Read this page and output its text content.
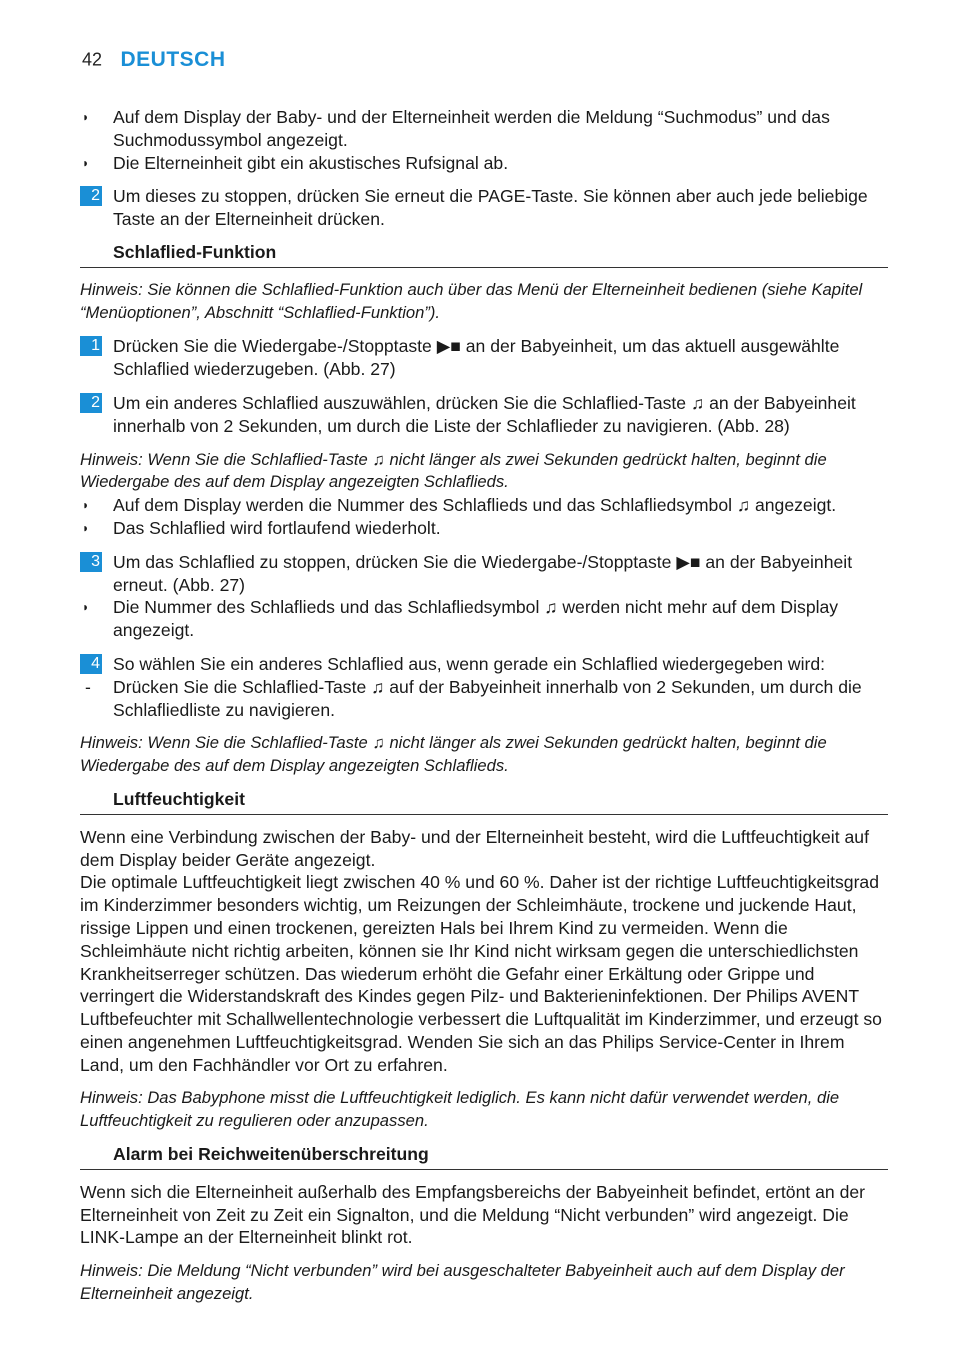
42 DEUTSCH
◗ Auf dem Display der Baby- und der Elterneinheit werden die Meldung “Suchmodus” und das Suchmodussymbol angezeigt.
◗ Die Elterneinheit gibt ein akustisches Rufsignal ab.
2 Um dieses zu stoppen, drücken Sie erneut die PAGE-Taste. Sie können aber auch jede beliebige Taste an der Elterneinheit drücken.
Schlaflied-Funktion
Hinweis: Sie können die Schlaflied-Funktion auch über das Menü der Elterneinheit bedienen (siehe Kapitel “Menüoptionen”, Abschnitt “Schlaflied-Funktion”).
1 Drücken Sie die Wiedergabe-/Stopptaste ▶■ an der Babyeinheit, um das aktuell ausgewählte Schlaflied wiederzugeben. (Abb. 27)
2 Um ein anderes Schlaflied auszuwählen, drücken Sie die Schlaflied-Taste ♫ an der Babyeinheit innerhalb von 2 Sekunden, um durch die Liste der Schlaflieder zu navigieren. (Abb. 28)
Hinweis: Wenn Sie die Schlaflied-Taste ♫ nicht länger als zwei Sekunden gedrückt halten, beginnt die Wiedergabe des auf dem Display angezeigten Schlaflieds.
◗ Auf dem Display werden die Nummer des Schlaflieds und das Schlafliedsymbol ♫ angezeigt.
◗ Das Schlaflied wird fortlaufend wiederholt.
3 Um das Schlaflied zu stoppen, drücken Sie die Wiedergabe-/Stopptaste ▶■ an der Babyeinheit erneut. (Abb. 27)
◗ Die Nummer des Schlaflieds und das Schlafliedsymbol ♫ werden nicht mehr auf dem Display angezeigt.
4 So wählen Sie ein anderes Schlaflied aus, wenn gerade ein Schlaflied wiedergegeben wird:
- Drücken Sie die Schlaflied-Taste ♫ auf der Babyeinheit innerhalb von 2 Sekunden, um durch die Schlafliedliste zu navigieren.
Hinweis: Wenn Sie die Schlaflied-Taste ♫ nicht länger als zwei Sekunden gedrückt halten, beginnt die Wiedergabe des auf dem Display angezeigten Schlaflieds.
Luftfeuchtigkeit
Wenn eine Verbindung zwischen der Baby- und der Elterneinheit besteht, wird die Luftfeuchtigkeit auf dem Display beider Geräte angezeigt.
Die optimale Luftfeuchtigkeit liegt zwischen 40 % und 60 %. Daher ist der richtige Luftfeuchtigkeitsgrad im Kinderzimmer besonders wichtig, um Reizungen der Schleimhäute, trockene und juckende Haut, rissige Lippen und einen trockenen, gereizten Hals bei Ihrem Kind zu vermeiden. Wenn die Schleimhäute nicht richtig arbeiten, können sie Ihr Kind nicht wirksam gegen die unterschiedlichsten Krankheitserreger schützen. Das wiederum erhöht die Gefahr einer Erkältung oder Grippe und verringert die Widerstandskraft des Kindes gegen Pilz- und Bakterieninfektionen. Der Philips AVENT Luftbefeuchter mit Schallwellentechnologie verbessert die Luftqualität im Kinderzimmer, und erzeugt so einen angenehmen Luftfeuchtigkeitsgrad. Wenden Sie sich an das Philips Service-Center in Ihrem Land, um den Fachhändler vor Ort zu erfahren.
Hinweis: Das Babyphone misst die Luftfeuchtigkeit lediglich. Es kann nicht dafür verwendet werden, die Luftfeuchtigkeit zu regulieren oder anzupassen.
Alarm bei Reichweitenüberschreitung
Wenn sich die Elterneinheit außerhalb des Empfangsbereichs der Babyeinheit befindet, ertönt an der Elterneinheit von Zeit zu Zeit ein Signalton, und die Meldung “Nicht verbunden” wird angezeigt. Die LINK-Lampe an der Elterneinheit blinkt rot.
Hinweis: Die Meldung “Nicht verbunden” wird bei ausgeschalteter Babyeinheit auch auf dem Display der Elterneinheit angezeigt.
